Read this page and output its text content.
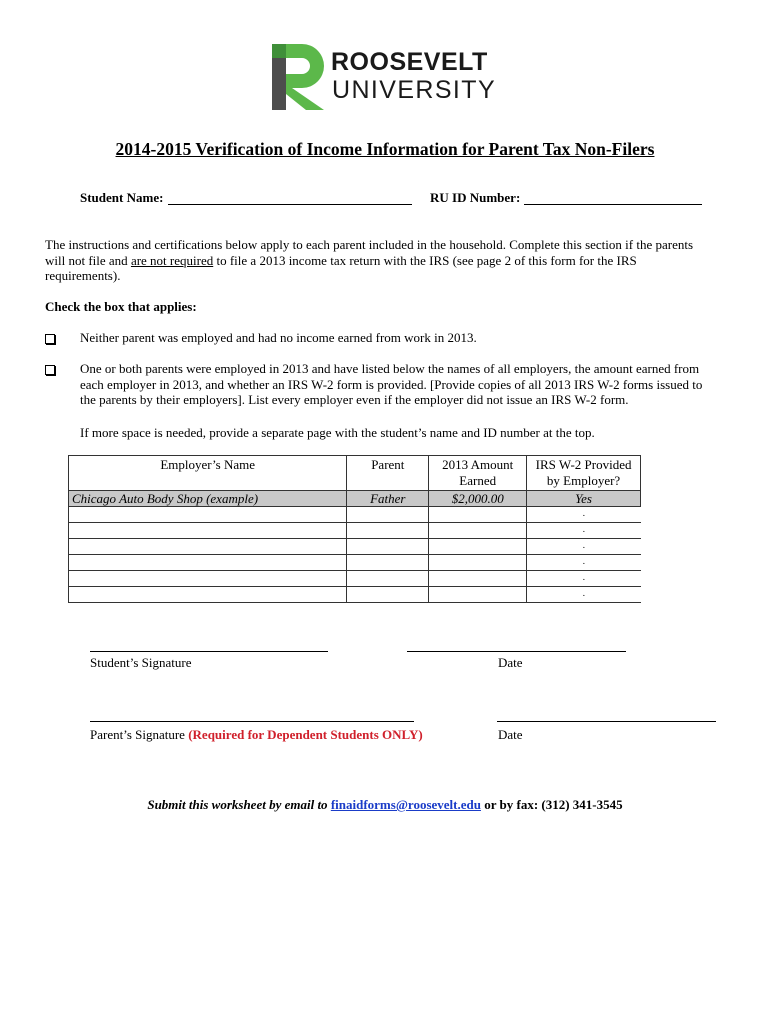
ROOSEVELT
UNIVERSITY
2014-2015 Verification of Income Information for Parent Tax Non-Filers
Student Name:	RU ID Number:
The instructions and certifications below apply to each parent included in the household. Complete this section if the parents will not file and are not required to file a 2013 income tax return with the IRS (see page 2 of this form for the IRS requirements).
Check the box that applies:
Neither parent was employed and had no income earned from work in 2013.
One or both parents were employed in 2013 and have listed below the names of all employers, the amount earned from each employer in 2013, and whether an IRS W-2 form is provided. [Provide copies of all 2013 IRS W-2 forms issued to the parents by their employers]. List every employer even if the employer did not issue an IRS W-2 form.
If more space is needed, provide a separate page with the student’s name and ID number at the top.
Employer’s Name	Parent	2013 Amount Earned	IRS W-2 Provided by Employer?
Chicago Auto Body Shop (example)	Father	$2,000.00	Yes
			.
			.
			.
			.
			.
			.
Student’s Signature	Date
Parent’s Signature (Required for Dependent Students ONLY)	Date
Submit this worksheet by email to finaidforms@roosevelt.edu or by fax: (312) 341-3545
